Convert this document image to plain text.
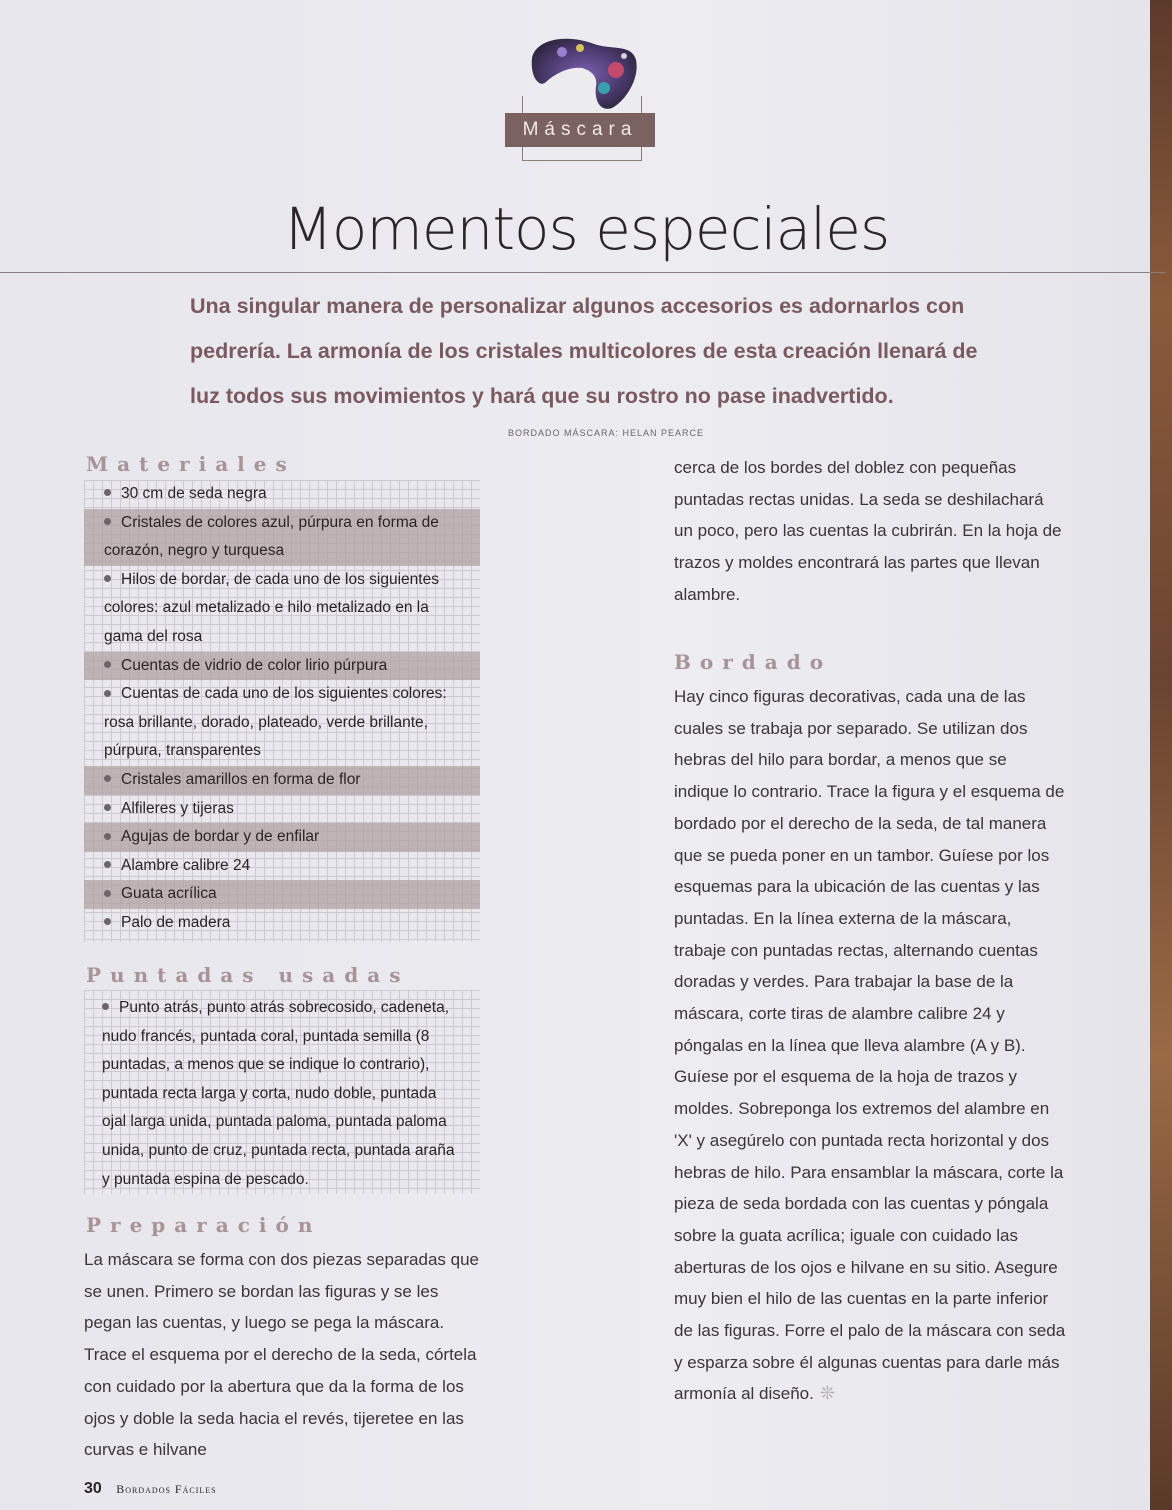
Máscara
Momentos especiales
Una singular manera de personalizar algunos accesorios es adornarlos con pedrería. La armonía de los cristales multicolores de esta creación llenará de luz todos sus movimientos y hará que su rostro no pase inadvertido.
BORDADO MÁSCARA: HELAN PEARCE
Materiales
30 cm de seda negra
Cristales de colores azul, púrpura en forma de corazón, negro y turquesa
Hilos de bordar, de cada uno de los siguientes colores: azul metalizado e hilo metalizado en la gama del rosa
Cuentas de vidrio de color lirio púrpura
Cuentas de cada uno de los siguientes colores: rosa brillante, dorado, plateado, verde brillante, púrpura, transparentes
Cristales amarillos en forma de flor
Alfileres y tijeras
Agujas de bordar y de enfilar
Alambre calibre 24
Guata acrílica
Palo de madera
Puntadas usadas
Punto atrás, punto atrás sobrecosido, cadeneta, nudo francés, puntada coral, puntada semilla (8 puntadas, a menos que se indique lo contrario), puntada recta larga y corta, nudo doble, puntada ojal larga unida, puntada paloma, puntada paloma unida, punto de cruz, puntada recta, puntada araña y puntada espina de pescado.
Preparación
La máscara se forma con dos piezas separadas que se unen. Primero se bordan las figuras y se les pegan las cuentas, y luego se pega la máscara. Trace el esquema por el derecho de la seda, córtela con cuidado por la abertura que da la forma de los ojos y doble la seda hacia el revés, tijeretee en las curvas e hilvane
cerca de los bordes del doblez con pequeñas puntadas rectas unidas. La seda se deshilachará un poco, pero las cuentas la cubrirán. En la hoja de trazos y moldes encontrará las partes que llevan alambre.
Bordado
Hay cinco figuras decorativas, cada una de las cuales se trabaja por separado. Se utilizan dos hebras del hilo para bordar, a menos que se indique lo contrario. Trace la figura y el esquema de bordado por el derecho de la seda, de tal manera que se pueda poner en un tambor. Guíese por los esquemas para la ubicación de las cuentas y las puntadas. En la línea externa de la máscara, trabaje con puntadas rectas, alternando cuentas doradas y verdes. Para trabajar la base de la máscara, corte tiras de alambre calibre 24 y póngalas en la línea que lleva alambre (A y B). Guíese por el esquema de la hoja de trazos y moldes. Sobreponga los extremos del alambre en 'X' y asegúrelo con puntada recta horizontal y dos hebras de hilo. Para ensamblar la máscara, corte la pieza de seda bordada con las cuentas y póngala sobre la guata acrílica; iguale con cuidado las aberturas de los ojos e hilvane en su sitio. Asegure muy bien el hilo de las cuentas en la parte inferior de las figuras. Forre el palo de la máscara con seda y esparza sobre él algunas cuentas para darle más armonía al diseño. ❊
30 Bordados Fáciles
